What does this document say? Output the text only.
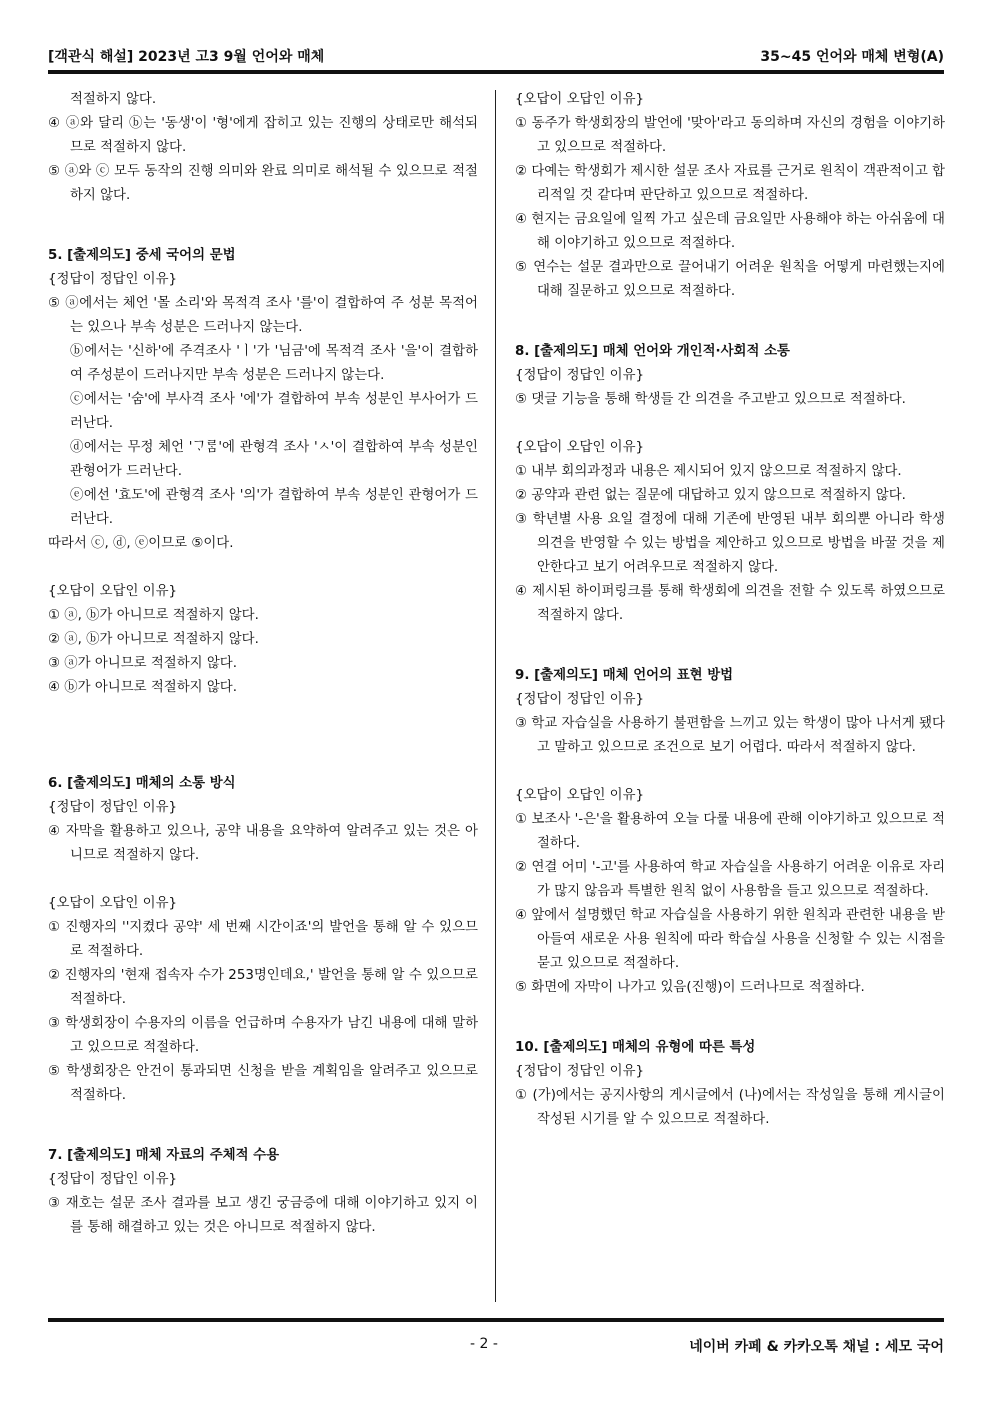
[객관식 해설] 2023년 고3 9월 언어와 매체	35~45 언어와 매체 변형(A)

적절하지 않다.

④ ⓐ와 달리 ⓑ는 '동생'이 '형'에게 잡히고 있는 진행의 상태로만 해석되므로 적절하지 않다.

⑤ ⓐ와 ⓒ 모두 동작의 진행 의미와 완료 의미로 해석될 수 있으므로 적절하지 않다.

5. [출제의도] 중세 국어의 문법

{정답이 정답인 이유}

⑤ ⓐ에서는 체언 '몰 소리'와 목적격 조사 '를'이 결합하여 주 성분 목적어는 있으나 부속 성분은 드러나지 않는다.

ⓑ에서는 '신하'에 주격조사 'ㅣ'가 '님금'에 목적격 조사 '을'이 결합하여 주성분이 드러나지만 부속 성분은 드러나지 않는다.

ⓒ에서는 '숨'에 부사격 조사 '에'가 결합하여 부속 성분인 부사어가 드러난다.

ⓓ에서는 무정 체언 'ᄀᆞᄅᆞᆷ'에 관형격 조사 'ㅅ'이 결합하여 부속 성분인 관형어가 드러난다.

ⓔ에선 '효도'에 관형격 조사 '의'가 결합하여 부속 성분인 관형어가 드러난다.

따라서 ⓒ, ⓓ, ⓔ이므로 ⑤이다.

{오답이 오답인 이유}

① ⓐ, ⓑ가 아니므로 적절하지 않다.

② ⓐ, ⓑ가 아니므로 적절하지 않다.

③ ⓐ가 아니므로 적절하지 않다.

④ ⓑ가 아니므로 적절하지 않다.

6. [출제의도] 매체의 소통 방식

{정답이 정답인 이유}

④ 자막을 활용하고 있으나, 공약 내용을 요약하여 알려주고 있는 것은 아니므로 적절하지 않다.

{오답이 오답인 이유}

① 진행자의 ''지켰다 공약' 세 번째 시간이죠'의 발언을 통해 알 수 있으므로 적절하다.

② 진행자의 '현재 접속자 수가 253명인데요,' 발언을 통해 알 수 있으므로 적절하다.

③ 학생회장이 수용자의 이름을 언급하며 수용자가 남긴 내용에 대해 말하고 있으므로 적절하다.

⑤ 학생회장은 안건이 통과되면 신청을 받을 계획임을 알려주고 있으므로 적절하다.

7. [출제의도] 매체 자료의 주체적 수용

{정답이 정답인 이유}

③ 재호는 설문 조사 결과를 보고 생긴 궁금증에 대해 이야기하고 있지 이를 통해 해결하고 있는 것은 아니므로 적절하지 않다.

{오답이 오답인 이유}

① 동주가 학생회장의 발언에 '맞아'라고 동의하며 자신의 경험을 이야기하고 있으므로 적절하다.

② 다예는 학생회가 제시한 설문 조사 자료를 근거로 원칙이 객관적이고 합리적일 것 같다며 판단하고 있으므로 적절하다.

④ 현지는 금요일에 일찍 가고 싶은데 금요일만 사용해야 하는 아쉬움에 대해 이야기하고 있으므로 적절하다.

⑤ 연수는 설문 결과만으로 끌어내기 어려운 원칙을 어떻게 마련했는지에 대해 질문하고 있으므로 적절하다.

8. [출제의도] 매체 언어와 개인적·사회적 소통

{정답이 정답인 이유}

⑤ 댓글 기능을 통해 학생들 간 의견을 주고받고 있으므로 적절하다.

{오답이 오답인 이유}

① 내부 회의과정과 내용은 제시되어 있지 않으므로 적절하지 않다.

② 공약과 관련 없는 질문에 대답하고 있지 않으므로 적절하지 않다.

③ 학년별 사용 요일 결정에 대해 기존에 반영된 내부 회의뿐 아니라 학생 의견을 반영할 수 있는 방법을 제안하고 있으므로 방법을 바꿀 것을 제안한다고 보기 어려우므로 적절하지 않다.

④ 제시된 하이퍼링크를 통해 학생회에 의견을 전할 수 있도록 하였으므로 적절하지 않다.

9. [출제의도] 매체 언어의 표현 방법

{정답이 정답인 이유}

③ 학교 자습실을 사용하기 불편함을 느끼고 있는 학생이 많아 나서게 됐다고 말하고 있으므로 조건으로 보기 어렵다. 따라서 적절하지 않다.

{오답이 오답인 이유}

① 보조사 '-은'을 활용하여 오늘 다룰 내용에 관해 이야기하고 있으므로 적절하다.

② 연결 어미 '-고'를 사용하여 학교 자습실을 사용하기 어려운 이유로 자리가 많지 않음과 특별한 원칙 없이 사용함을 들고 있으므로 적절하다.

④ 앞에서 설명했던 학교 자습실을 사용하기 위한 원칙과 관련한 내용을 받아들여 새로운 사용 원칙에 따라 학습실 사용을 신청할 수 있는 시점을 묻고 있으므로 적절하다.

⑤ 화면에 자막이 나가고 있음(진행)이 드러나므로 적절하다.

10. [출제의도] 매체의 유형에 따른 특성

{정답이 정답인 이유}

① (가)에서는 공지사항의 게시글에서 (나)에서는 작성일을 통해 게시글이 작성된 시기를 알 수 있으므로 적절하다.

- 2 -	네이버 카페 & 카카오톡 채널 : 세모 국어
